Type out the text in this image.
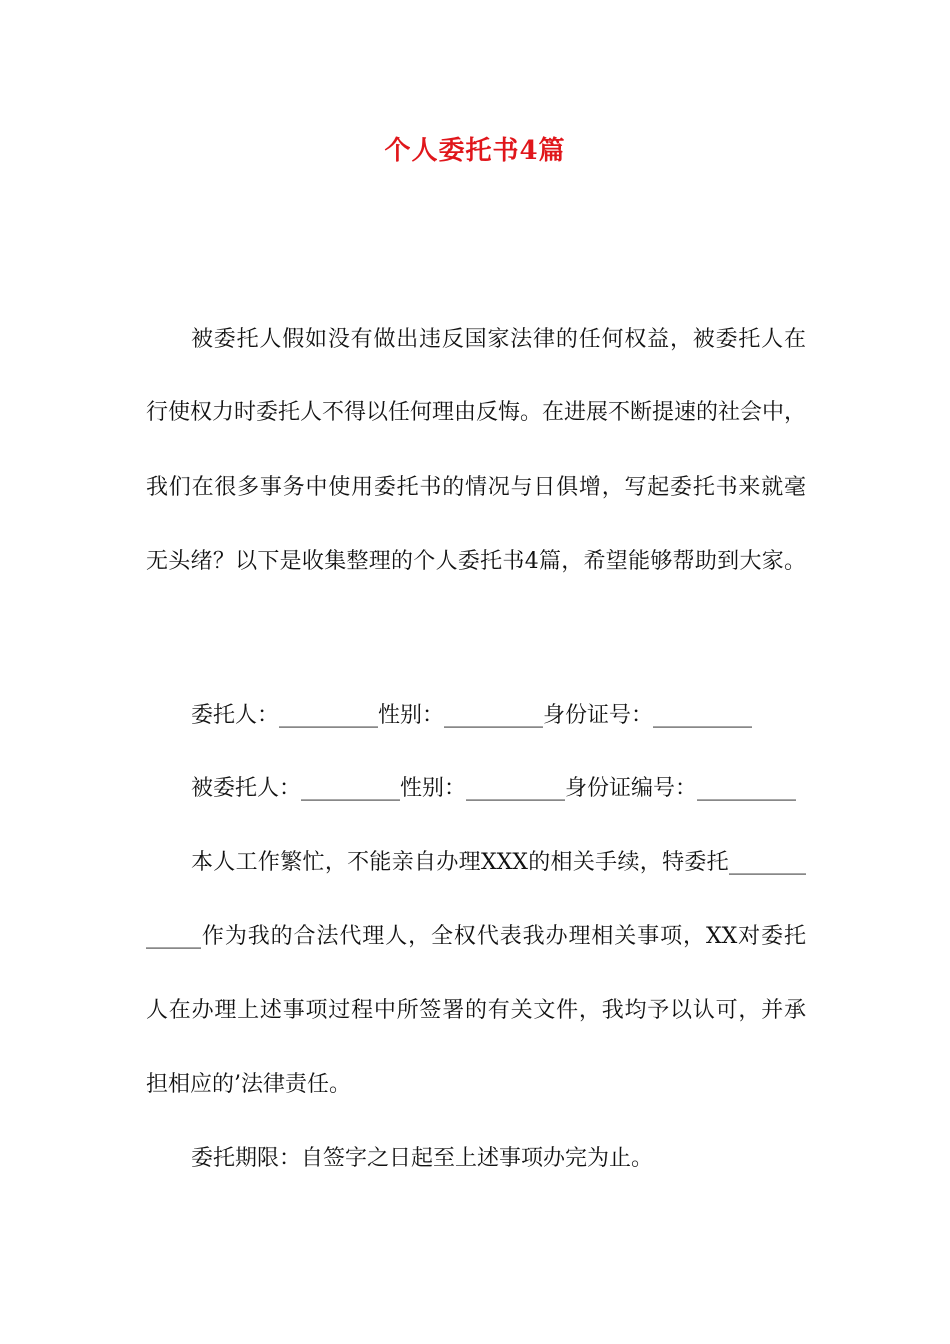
个人委托书4篇
被委托人假如没有做出违反国家法律的任何权益，被委托人在
行使权力时委托人不得以任何理由反悔。在进展不断提速的社会中，
我们在很多事务中使用委托书的情况与日俱增，写起委托书来就毫
无头绪？以下是收集整理的个人委托书4篇，希望能够帮助到大家。
委托人：_________性别：_________身份证号：_________
被委托人：_________性别：_________身份证编号：_________
本人工作繁忙，不能亲自办理XXX的相关手续，特委托_______
_____作为我的合法代理人，全权代表我办理相关事项，XX对委托
人在办理上述事项过程中所签署的有关文件，我均予以认可，并承
担相应的’法律责任。
委托期限：自签字之日起至上述事项办完为止。
